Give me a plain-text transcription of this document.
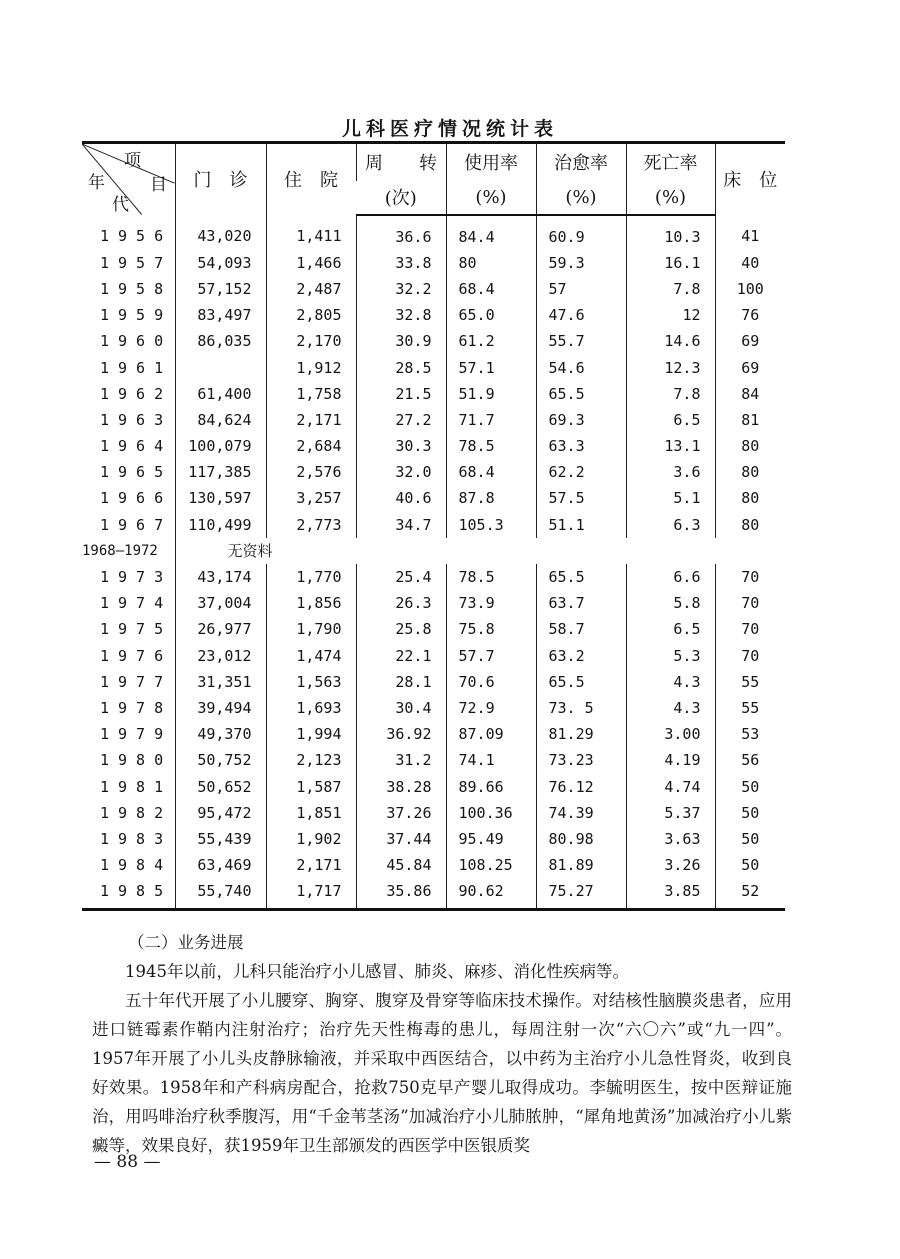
儿科医疗情况统计表
项
年 目
代	门　诊	住　院	周　　转	使用率	治愈率	死亡率	床　位
			(次)	(%)	(%)	(%)	
1956	43,020	1,411	36.6	84.4	60.9	10.3	41
1957	54,093	1,466	33.8	80	59.3	16.1	40
1958	57,152	2,487	32.2	68.4	57	7.8	100
1959	83,497	2,805	32.8	65.0	47.6	12	76
1960	86,035	2,170	30.9	61.2	55.7	14.6	69
1961		1,912	28.5	57.1	54.6	12.3	69
1962	61,400	1,758	21.5	51.9	65.5	7.8	84
1963	84,624	2,171	27.2	71.7	69.3	6.5	81
1964	100,079	2,684	30.3	78.5	63.3	13.1	80
1965	117,385	2,576	32.0	68.4	62.2	3.6	80
1966	130,597	3,257	40.6	87.8	57.5	5.1	80
1967	110,499	2,773	34.7	105.3	51.1	6.3	80
1968—1972	无资料						
1973	43,174	1,770	25.4	78.5	65.5	6.6	70
1974	37,004	1,856	26.3	73.9	63.7	5.8	70
1975	26,977	1,790	25.8	75.8	58.7	6.5	70
1976	23,012	1,474	22.1	57.7	63.2	5.3	70
1977	31,351	1,563	28.1	70.6	65.5	4.3	55
1978	39,494	1,693	30.4	72.9	73. 5	4.3	55
1979	49,370	1,994	36.92	87.09	81.29	3.00	53
1980	50,752	2,123	31.2	74.1	73.23	4.19	56
1981	50,652	1,587	38.28	89.66	76.12	4.74	50
1982	95,472	1,851	37.26	100.36	74.39	5.37	50
1983	55,439	1,902	37.44	95.49	80.98	3.63	50
1984	63,469	2,171	45.84	108.25	81.89	3.26	50
1985	55,740	1,717	35.86	90.62	75.27	3.85	52

（二）业务进展

1945年以前，儿科只能治疗小儿感冒、肺炎、麻疹、消化性疾病等。

五十年代开展了小儿腰穿、胸穿、腹穿及骨穿等临床技术操作。对结核性脑膜炎患者，应用进口链霉素作鞘内注射治疗；治疗先天性梅毒的患儿，每周注射一次“六〇六”或“九一四”。1957年开展了小儿头皮静脉输液，并采取中西医结合，以中药为主治疗小儿急性肾炎，收到良好效果。1958年和产科病房配合，抢救750克早产婴儿取得成功。李毓明医生，按中医辩证施治，用吗啡治疗秋季腹泻，用“千金苇茎汤”加减治疗小儿肺脓肿，“犀角地黄汤”加减治疗小儿紫癜等，效果良好，获1959年卫生部颁发的西医学中医银质奖

— 88 —
